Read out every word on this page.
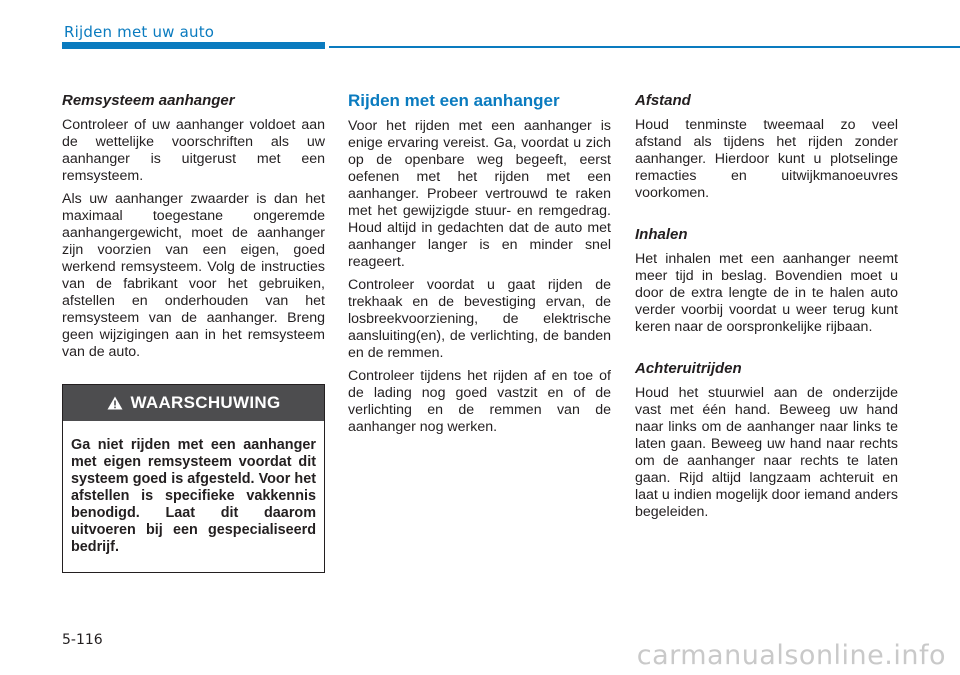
Rijden met uw auto
Remsysteem aanhanger

Controleer of uw aanhanger voldoet aan de wettelijke voorschriften als uw aanhanger is uitgerust met een remsysteem.

Als uw aanhanger zwaarder is dan het maximaal toegestane ongeremde aanhangergewicht, moet de aanhanger zijn voorzien van een eigen, goed werkend remsysteem. Volg de instructies van de fabrikant voor het gebruiken, afstellen en onderhouden van het remsysteem van de aanhanger. Breng geen wijzigingen aan in het remsysteem van de auto.

WAARSCHUWING

Ga niet rijden met een aanhanger met eigen remsysteem voordat dit systeem goed is afgesteld. Voor het afstellen is specifieke vakkennis benodigd. Laat dit daarom uitvoeren bij een gespecialiseerd bedrijf.

Rijden met een aanhanger

Voor het rijden met een aanhanger is enige ervaring vereist. Ga, voordat u zich op de openbare weg begeeft, eerst oefenen met het rijden met een aanhanger. Probeer vertrouwd te raken met het gewijzigde stuur- en remgedrag. Houd altijd in gedachten dat de auto met aanhanger langer is en minder snel reageert.

Controleer voordat u gaat rijden de trekhaak en de bevestiging ervan, de losbreekvoorziening, de elektrische aansluiting(en), de verlichting, de banden en de remmen.

Controleer tijdens het rijden af en toe of de lading nog goed vastzit en of de verlichting en de remmen van de aanhanger nog werken.

Afstand

Houd tenminste tweemaal zo veel afstand als tijdens het rijden zonder aanhanger. Hierdoor kunt u plotselinge remacties en uitwijkmanoeuvres voorkomen.

Inhalen

Het inhalen met een aanhanger neemt meer tijd in beslag. Bovendien moet u door de extra lengte de in te halen auto verder voorbij voordat u weer terug kunt keren naar de oorspronkelijke rijbaan.

Achteruitrijden

Houd het stuurwiel aan de onderzijde vast met één hand. Beweeg uw hand naar links om de aanhanger naar links te laten gaan. Beweeg uw hand naar rechts om de aanhanger naar rechts te laten gaan. Rijd altijd langzaam achteruit en laat u indien mogelijk door iemand anders begeleiden.

5-116	carmanualsonline.info
